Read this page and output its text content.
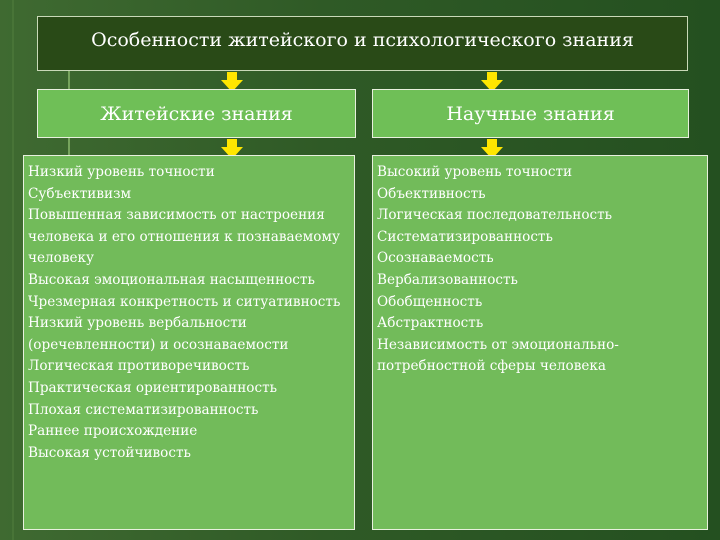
Особенности житейского и психологического знания
Житейские знания	Научные знания
Низкий уровень точности
Субъективизм
Повышенная зависимость от настроения человека и его отношения к познаваемому человеку
Высокая эмоциональная насыщенность
Чрезмерная конкретность и ситуативность
Низкий уровень вербальности (оречевленности) и осознаваемости
Логическая противоречивость
Практическая ориентированность
Плохая систематизированность
Раннее происхождение
Высокая устойчивость
Высокий уровень точности
Объективность
Логическая последовательность
Систематизированность
Осознаваемость
Вербализованность
Обобщенность
Абстрактность
Независимость от эмоционально-потребностной сферы человека
